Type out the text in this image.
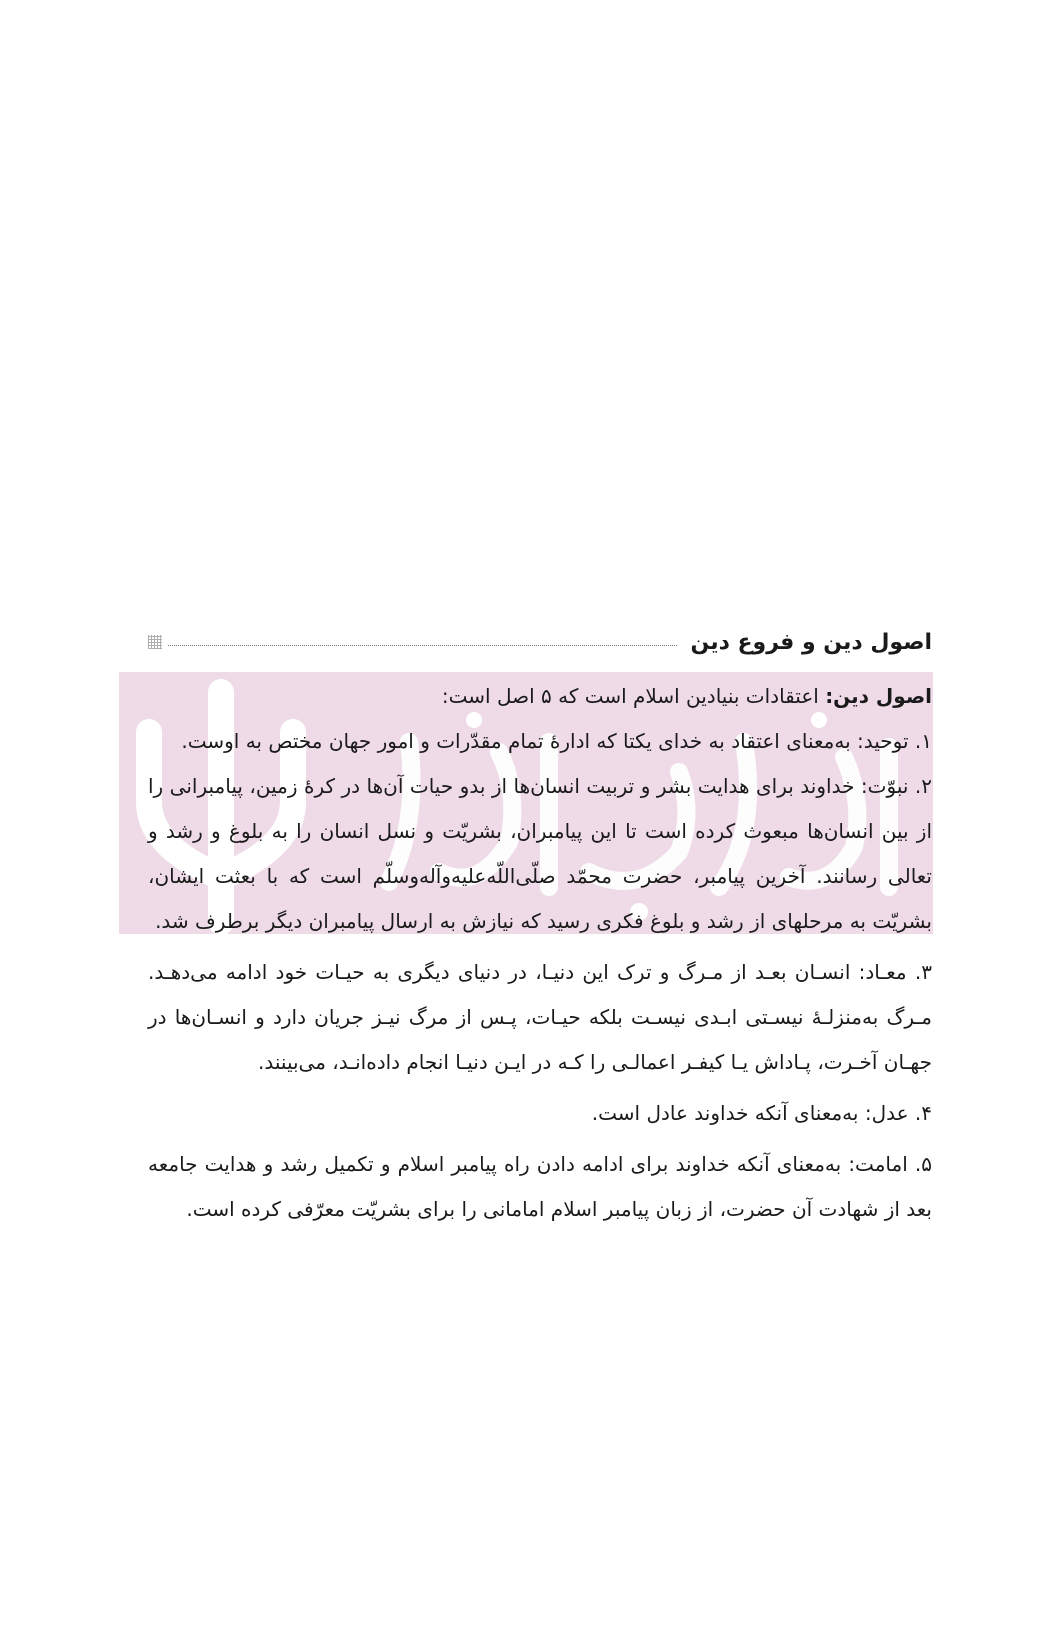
اصول دین و فروع دین

اصول دین: اعتقادات بنیادین اسلام است که ۵ اصل است:

۱. توحید: به‌معنای اعتقاد به خدای یکتا که ادارۀ تمام مقدّرات و امور جهان مختص به اوست.

۲. نبوّت: خداوند برای هدایت بشر و تربیت انسان‌ها از بدو حیات آن‌ها در کرۀ زمین، پیامبرانی را از بین انسان‌ها مبعوث کرده است تا این پیامبران، بشریّت و نسل انسان را به بلوغ و رشد و تعالی رسانند. آخرین پیامبر، حضرت محمّد صلّی‌اللّه‌علیه‌وآله‌وسلّم است که با بعثت ایشان، بشریّت به مرحلهای از رشد و بلوغ فکری رسید که نیازش به ارسال پیامبران دیگر برطرف شد.

۳. معـاد: انسـان بعـد از مـرگ و ترک این دنیـا، در دنیای دیگری به حیـات خود ادامه می‌دهـد. مـرگ به‌منزلـۀ نیسـتی ابـدی نیسـت بلکه حیـات، پـس از مرگ نیـز جریان دارد و انسـان‌ها در جهـان آخـرت، پـاداش یـا کیفـر اعمالـی را کـه در ایـن دنیـا انجام داده‌انـد، می‌بینند.

۴. عدل: به‌معنای آنکه خداوند عادل است.

۵. امامت: به‌معنای آنکه خداوند برای ادامه دادن راه پیامبر اسلام و تکمیل رشد و هدایت جامعه بعد از شهادت آن حضرت، از زبان پیامبر اسلام امامانی را برای بشریّت معرّفی کرده است.
